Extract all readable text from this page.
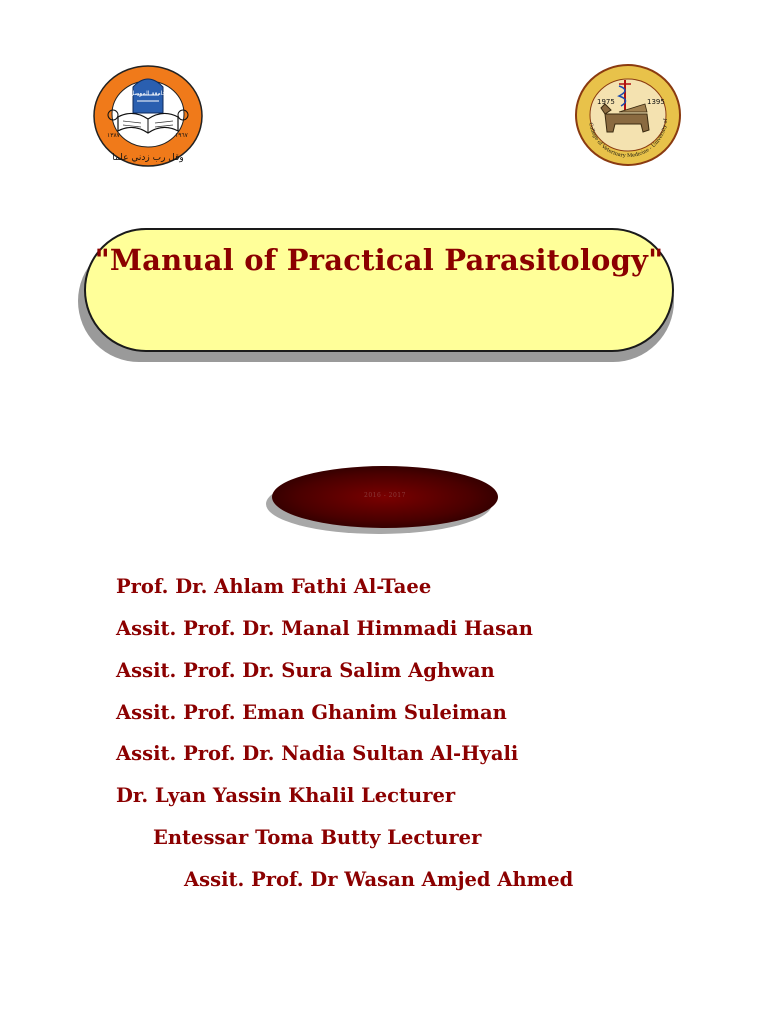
وقل رب زدني علما
جامعة الموصل
١٣٨٧	١٩٦٧
1975	1395
College of Veterinary Medicine - University of
"Manual of Practical Parasitology"
2016 - 2017
Prof. Dr. Ahlam Fathi Al-Taee
Assit. Prof. Dr. Manal Himmadi Hasan
Assit. Prof. Dr. Sura Salim Aghwan
Assit. Prof. Eman Ghanim Suleiman
Assit. Prof. Dr. Nadia Sultan Al-Hyali
Dr. Lyan Yassin Khalil Lecturer
Entessar Toma Butty Lecturer
Assit. Prof. Dr Wasan Amjed Ahmed
